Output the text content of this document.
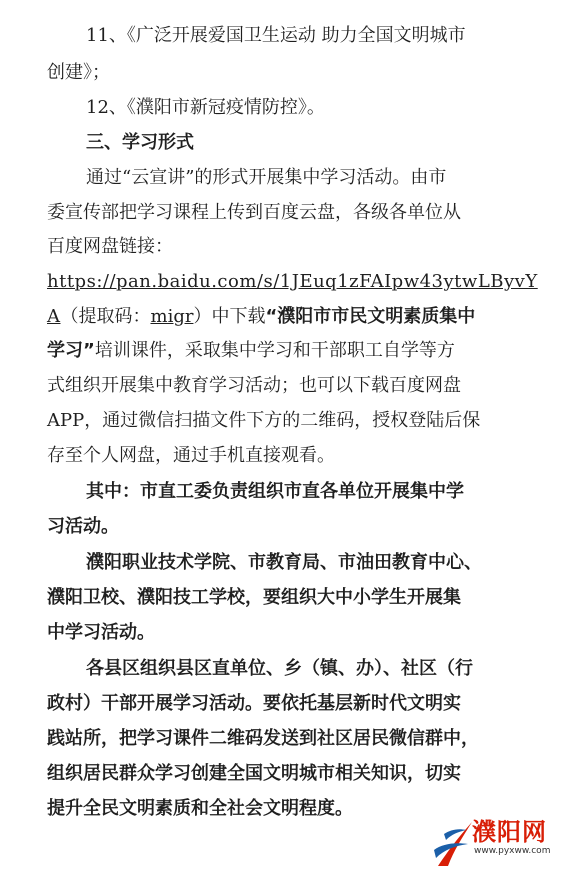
11、《广泛开展爱国卫生运动 助力全国文明城市
创建》；
12、《濮阳市新冠疫情防控》。
三、学习形式
通过“云宣讲”的形式开展集中学习活动。由市
委宣传部把学习课程上传到百度云盘，各级各单位从
百度网盘链接：
https://pan.baidu.com/s/1JEuq1zFAIpw43ytwLByvY
A（提取码：migr）中下载“濮阳市市民文明素质集中
学习”培训课件，采取集中学习和干部职工自学等方
式组织开展集中教育学习活动；也可以下载百度网盘
APP，通过微信扫描文件下方的二维码，授权登陆后保
存至个人网盘，通过手机直接观看。
其中：市直工委负责组织市直各单位开展集中学
习活动。
濮阳职业技术学院、市教育局、市油田教育中心、
濮阳卫校、濮阳技工学校，要组织大中小学生开展集
中学习活动。
各县区组织县区直单位、乡（镇、办）、社区（行
政村）干部开展学习活动。要依托基层新时代文明实
践站所，把学习课件二维码发送到社区居民微信群中，
组织居民群众学习创建全国文明城市相关知识，切实
提升全民文明素质和全社会文明程度。
濮阳网
www.pyxww.com
